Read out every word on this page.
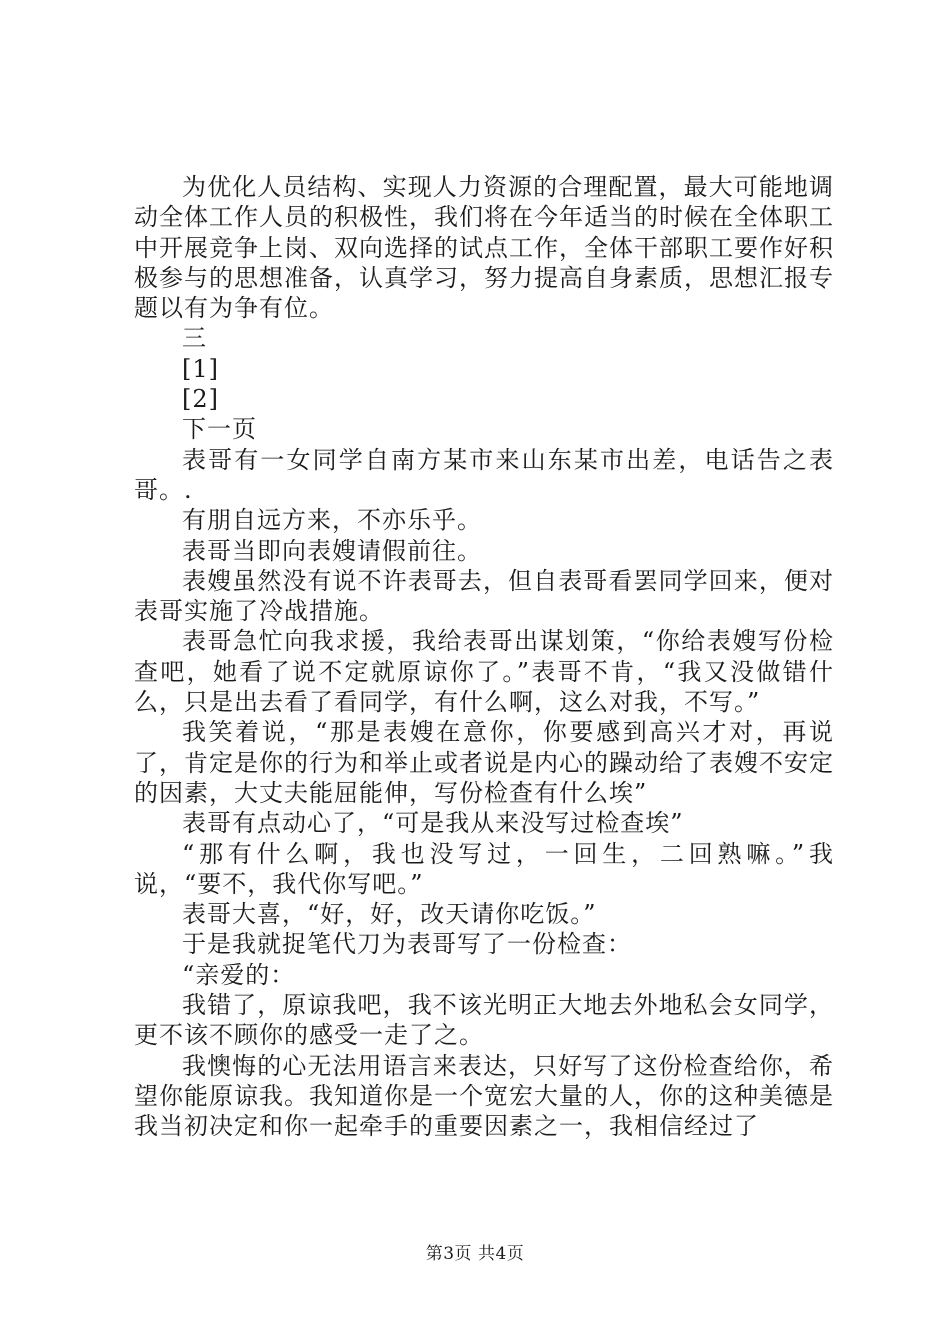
为优化人员结构、实现人力资源的合理配置，最大可能地调动全体工作人员的积极性，我们将在今年适当的时候在全体职工中开展竞争上岗、双向选择的试点工作，全体干部职工要作好积极参与的思想准备，认真学习，努力提高自身素质，思想汇报专题以有为争有位。

三

[1]

[2]

下一页

表哥有一女同学自南方某市来山东某市出差，电话告之表哥。.

有朋自远方来，不亦乐乎。

表哥当即向表嫂请假前往。

表嫂虽然没有说不许表哥去，但自表哥看罢同学回来，便对表哥实施了冷战措施。

表哥急忙向我求援，我给表哥出谋划策，“你给表嫂写份检查吧，她看了说不定就原谅你了。”表哥不肯，“我又没做错什么，只是出去看了看同学，有什么啊，这么对我，不写。”

我笑着说，“那是表嫂在意你，你要感到高兴才对，再说了，肯定是你的行为和举止或者说是内心的躁动给了表嫂不安定的因素，大丈夫能屈能伸，写份检查有什么埃”

表哥有点动心了，“可是我从来没写过检查埃”

“那有什么啊，我也没写过，一回生，二回熟嘛。”我说，“要不，我代你写吧。”

表哥大喜，“好，好，改天请你吃饭。”

于是我就捉笔代刀为表哥写了一份检查：

“亲爱的：

我错了，原谅我吧，我不该光明正大地去外地私会女同学，更不该不顾你的感受一走了之。

我懊悔的心无法用语言来表达，只好写了这份检查给你，希望你能原谅我。我知道你是一个宽宏大量的人，你的这种美德是我当初决定和你一起牵手的重要因素之一，我相信经过了

第3页 共4页
